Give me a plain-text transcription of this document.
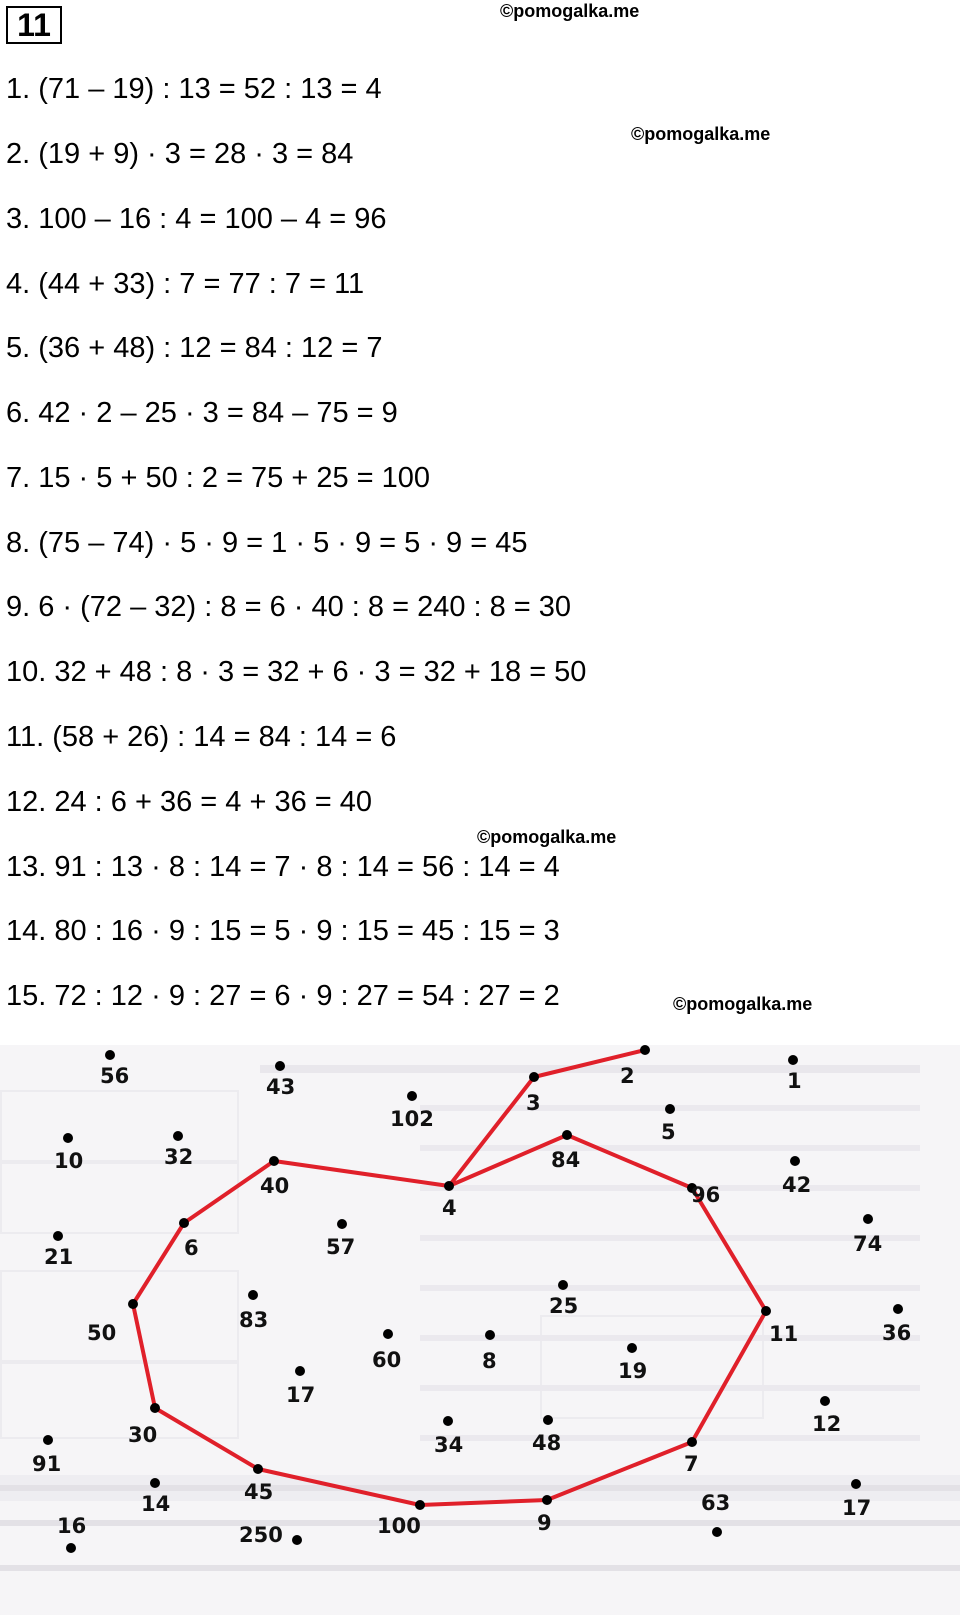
11	©pomogalka.me
©pomogalka.me
©pomogalka.me
©pomogalka.me
1. (71 – 19) : 13 = 52 : 13 = 4
2. (19 + 9) · 3 = 28 · 3 = 84
3. 100 – 16 : 4 = 100 – 4 = 96
4. (44 + 33) : 7 = 77 : 7 = 11
5. (36 + 48) : 12 = 84 : 12 = 7
6. 42 · 2 – 25 · 3 = 84 – 75 = 9
7. 15 · 5 + 50 : 2 = 75 + 25 = 100
8. (75 – 74) · 5 · 9 = 1 · 5 · 9 = 5 · 9 = 45
9. 6 · (72 – 32) : 8 = 6 · 40 : 8 = 240 : 8 = 30
10. 32 + 48 : 8 · 3 = 32 + 6 · 3 = 32 + 18 = 50
11. (58 + 26) : 14 = 84 : 14 = 6
12. 24 : 6 + 36 = 4 + 36 = 40
13. 91 : 13 · 8 : 14 = 7 · 8 : 14 = 56 : 14 = 4
14. 80 : 16 · 9 : 15 = 5 · 9 : 15 = 45 : 15 = 3
15. 72 : 12 · 9 : 27 = 6 · 9 : 27 = 54 : 27 = 2
56	43	2	1
3
102
5
10	32	84
42
40
4
96
21	6	57	74
50
83
25
11	36
60	8	19
17
12
30	34	48
7
91
45
14
100	9
17
16	250
63
